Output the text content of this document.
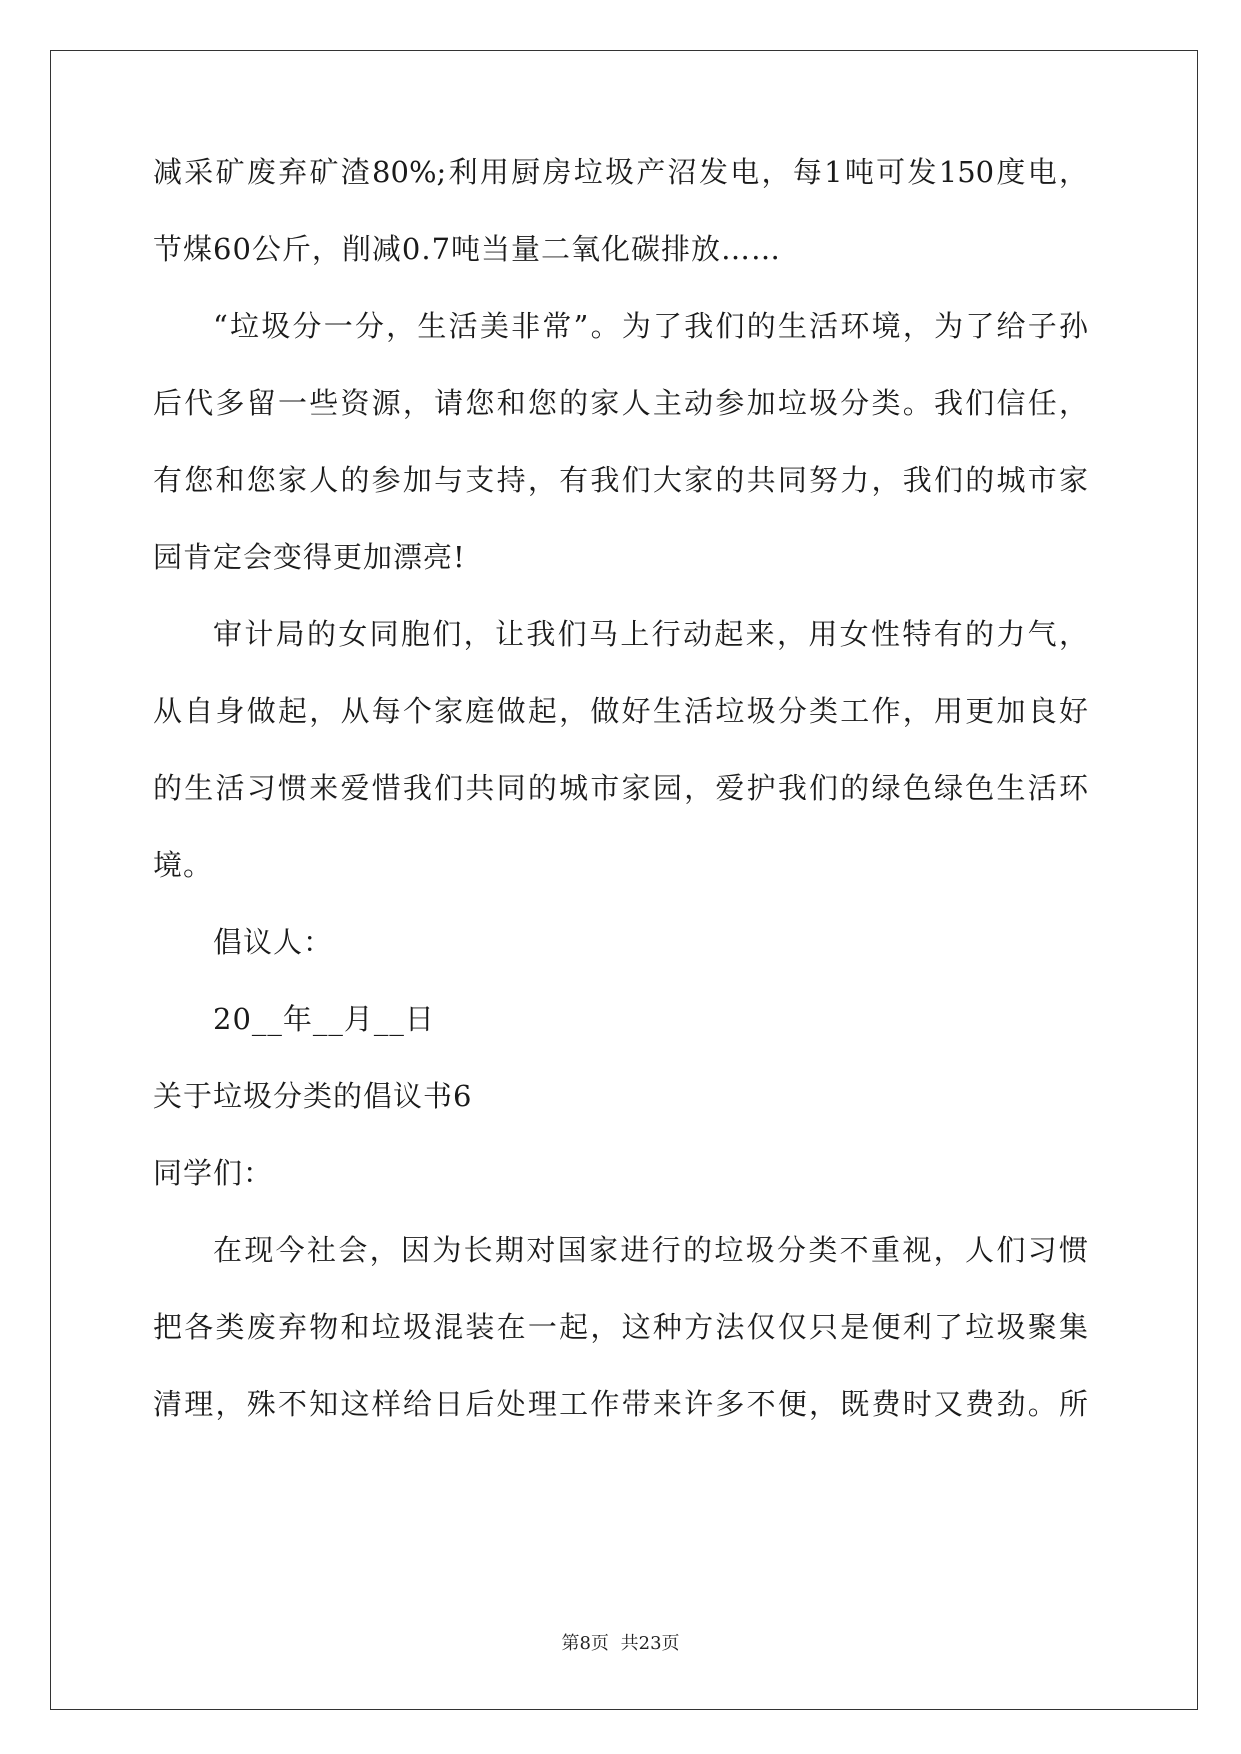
减采矿废弃矿渣80%;利用厨房垃圾产沼发电，每1吨可发150度电，
节煤60公斤，削减0.7吨当量二氧化碳排放……
“垃圾分一分，生活美非常”。为了我们的生活环境，为了给子孙
后代多留一些资源，请您和您的家人主动参加垃圾分类。我们信任，
有您和您家人的参加与支持，有我们大家的共同努力，我们的城市家
园肯定会变得更加漂亮!
审计局的女同胞们，让我们马上行动起来，用女性特有的力气，
从自身做起，从每个家庭做起，做好生活垃圾分类工作，用更加良好
的生活习惯来爱惜我们共同的城市家园，爱护我们的绿色绿色生活环
境。
倡议人：
20__年__月__日
关于垃圾分类的倡议书6
同学们：
在现今社会，因为长期对国家进行的垃圾分类不重视，人们习惯
把各类废弃物和垃圾混装在一起，这种方法仅仅只是便利了垃圾聚集
清理，殊不知这样给日后处理工作带来许多不便，既费时又费劲。所
第8页 共23页
